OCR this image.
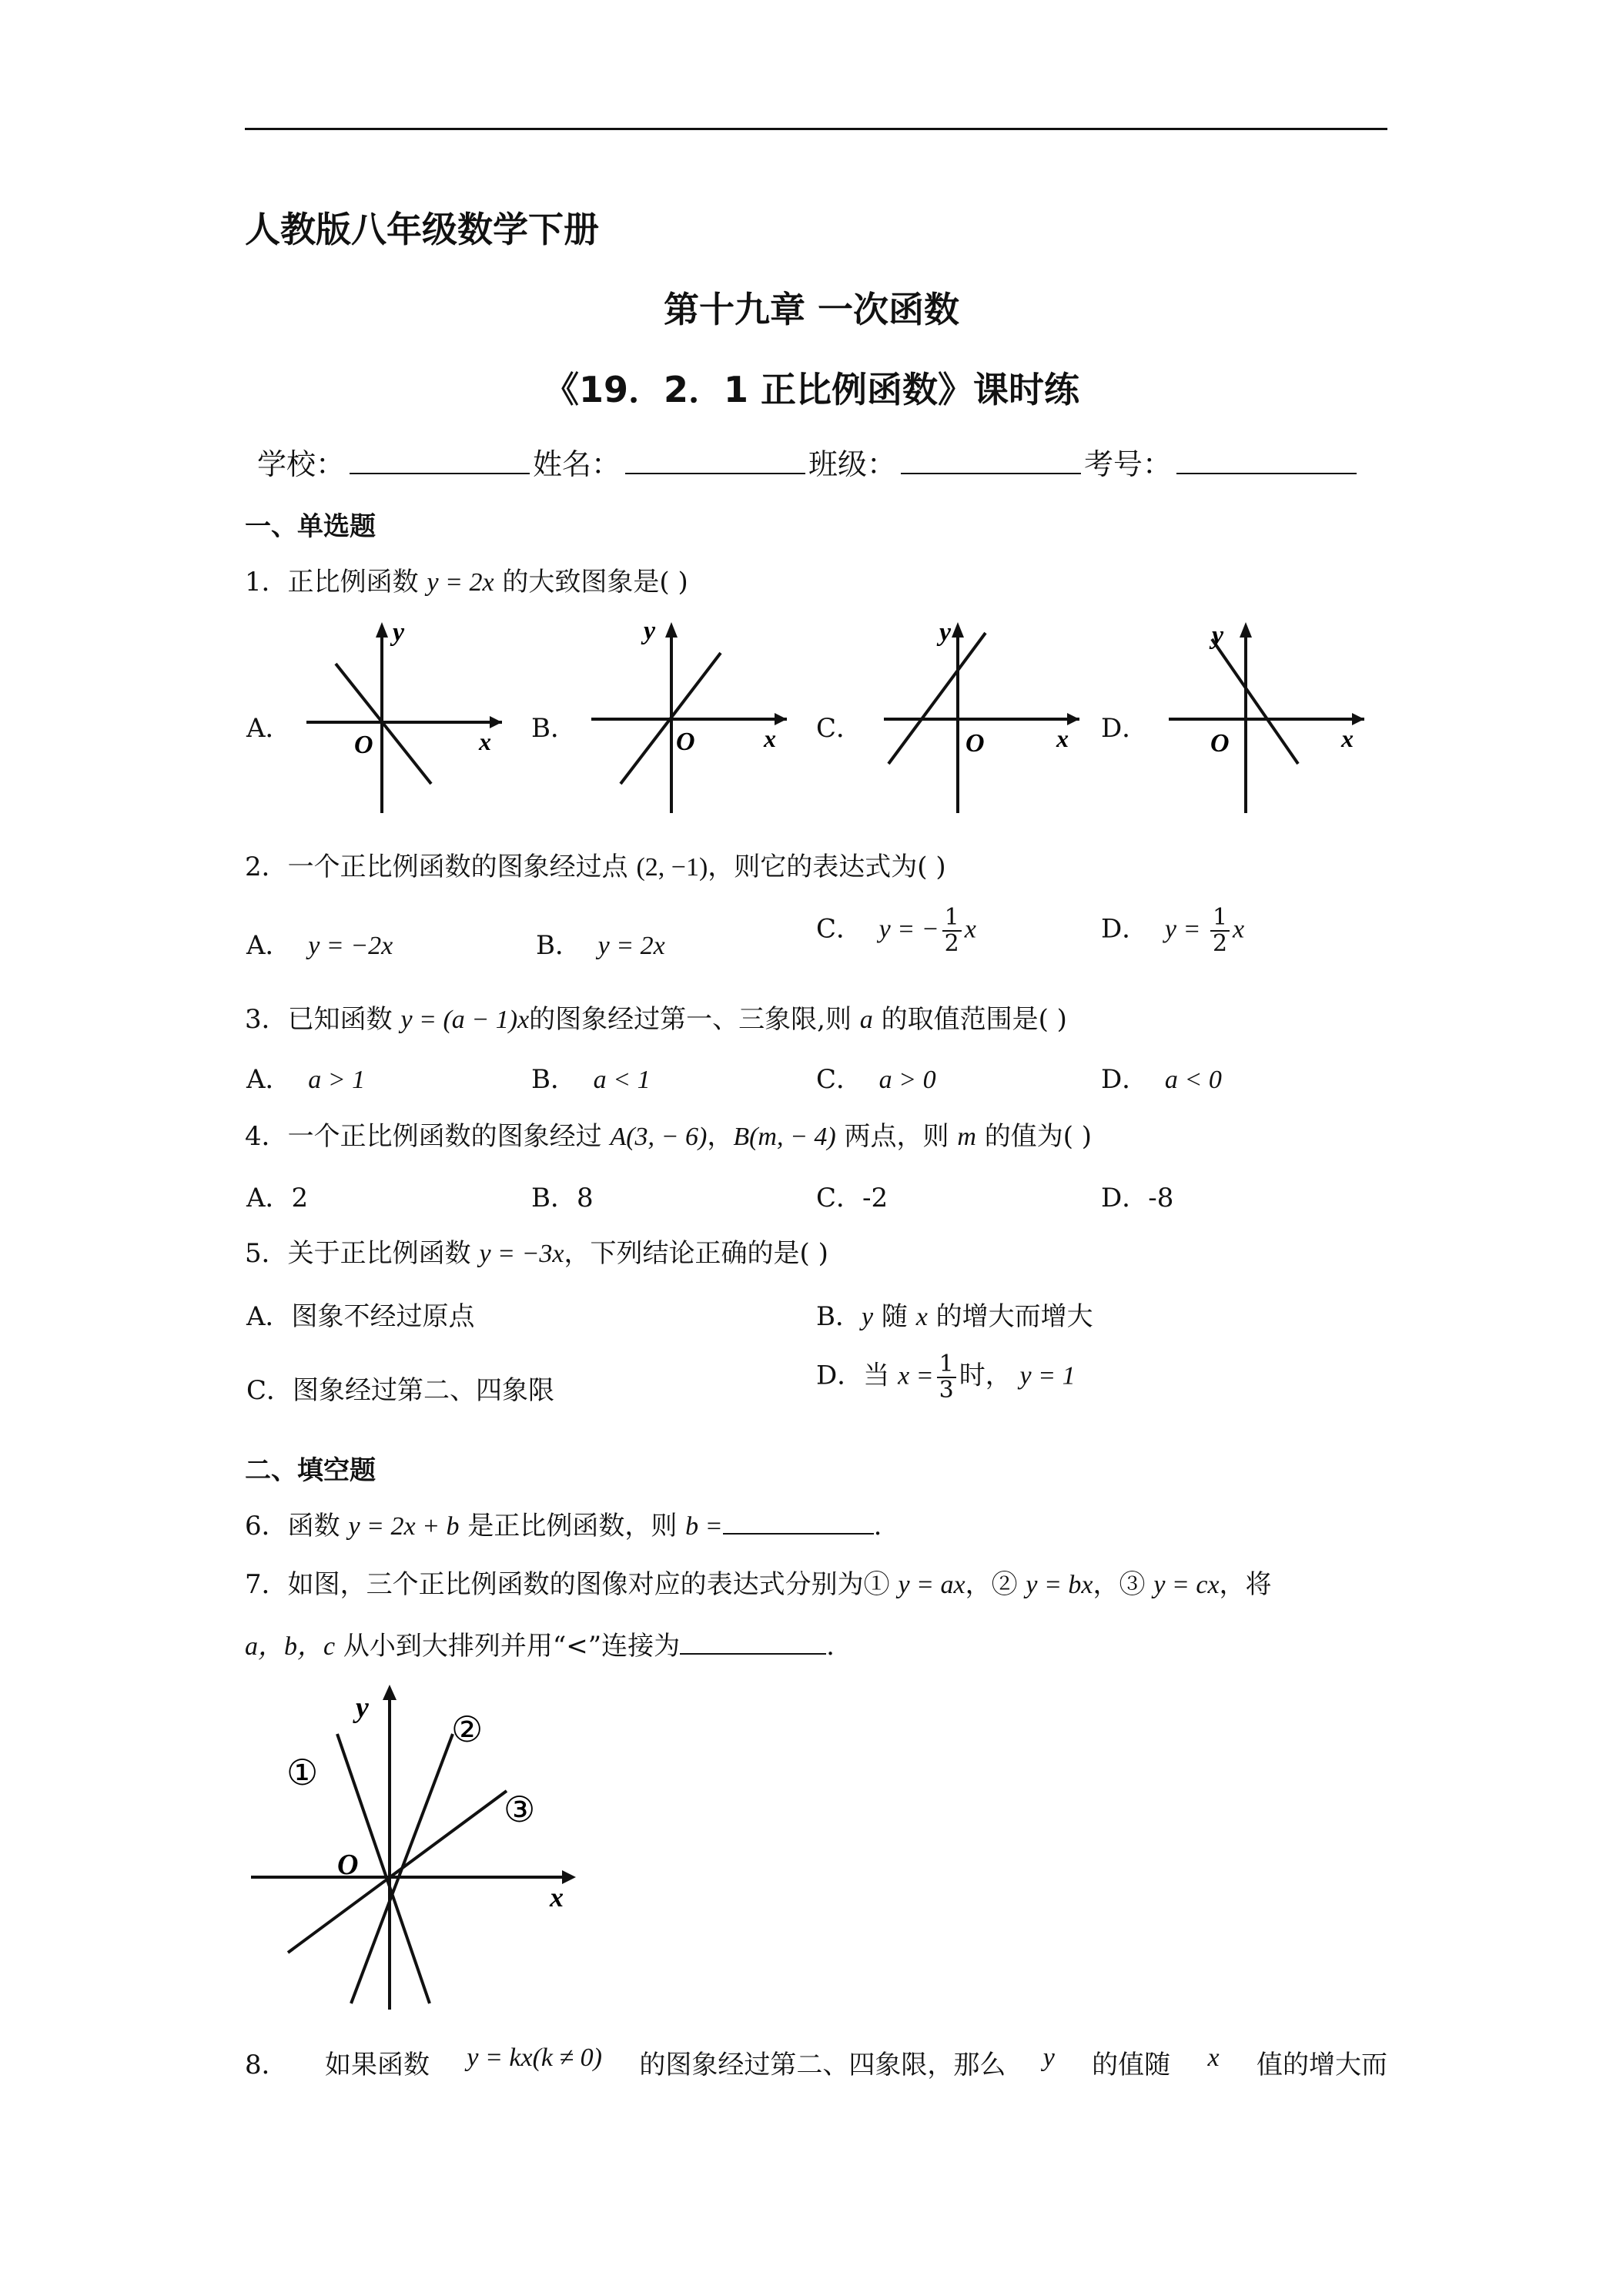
人教版八年级数学下册
第十九章 一次函数
《19．2．1 正比例函数》课时练
学校：	姓名：	班级：	考号：
一、单选题
1．正比例函数 y = 2x 的大致图象是( )
A．	B．	C．	D．
y
x
O
y
x
O
y
x
O
y
x
O
2．一个正比例函数的图象经过点 (2, −1)，则它的表达式为( )
A． y = −2x	B． y = 2x
C． y = − $\frac{1}{2}$ x	D． $y = \frac{1}{2}$ x
3．已知函数 y = (a − 1)x的图象经过第一、三象限,则 a 的取值范围是( )
A． a > 1	B． a < 1	C． a > 0	D． a < 0
4．一个正比例函数的图象经过 A(3, − 6)，B(m, − 4) 两点，则 m 的值为( )
A．2	B．8	C．-2	D．-8
5．关于正比例函数 y = −3x，下列结论正确的是( )
A．图象不经过原点	B．y 随 x 的增大而增大
C．图象经过第二、四象限	D．当 $x = \frac{1}{3}$ 时， y = 1
二、填空题
6．函数 y = 2x + b 是正比例函数，则 b =	.
7．如图，三个正比例函数的图像对应的表达式分别为① y = ax，② y = bx，③ y = cx，将
a，b，c 从小到大排列并用“<”连接为	.
y
x
O
①
②
③
8． 如果函数 y = kx(k ≠ 0) 的图象经过第二、四象限，那么 y 的值随 x 值的增大而
